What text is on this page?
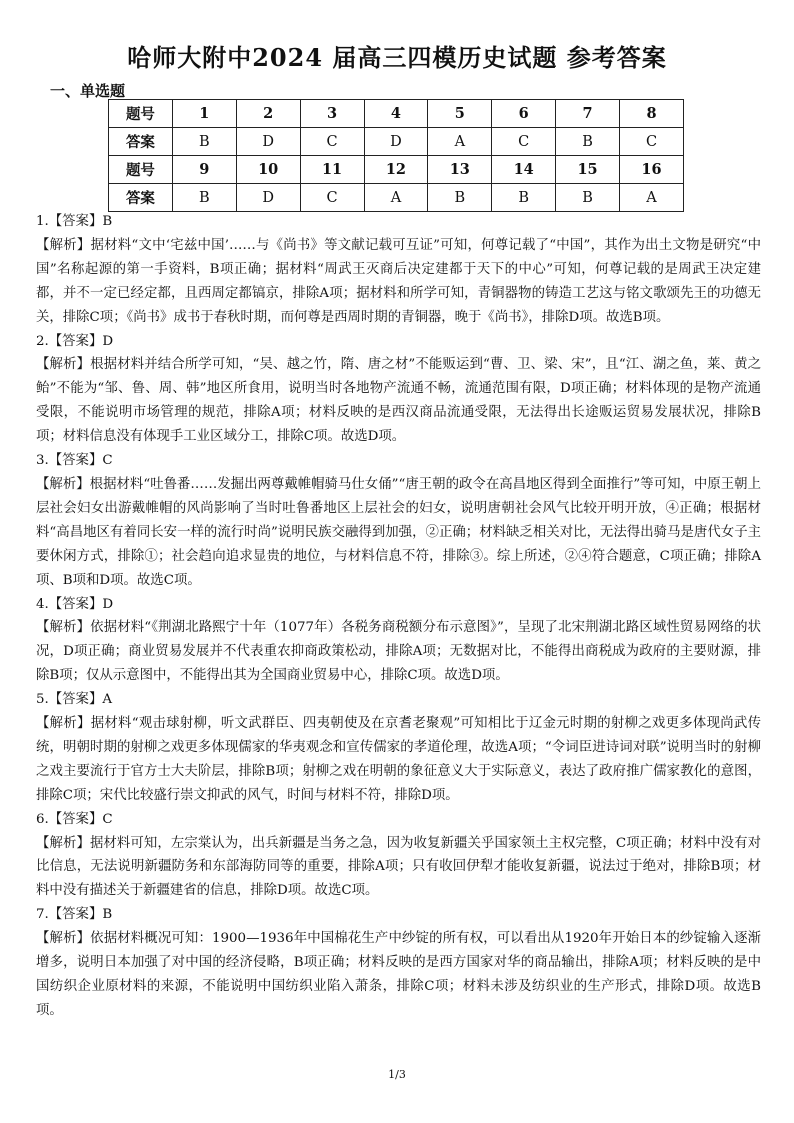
哈师大附中2024 届高三四模历史试题 参考答案
一、单选题
题号	1	2	3	4	5	6	7	8
答案	B	D	C	D	A	C	B	C
题号	9	10	11	12	13	14	15	16
答案	B	D	C	A	B	B	B	A

1.【答案】B

【解析】据材料“文中‘宅兹中国’……与《尚书》等文献记载可互证”可知，何尊记载了“中国”，其作为出土文物是研究“中国”名称起源的第一手资料，B项正确；据材料“周武王灭商后决定建都于天下的中心”可知，何尊记载的是周武王决定建都，并不一定已经定都，且西周定都镐京，排除A项；据材料和所学可知，青铜器物的铸造工艺这与铭文歌颂先王的功德无关，排除C项；《尚书》成书于春秋时期，而何尊是西周时期的青铜器，晚于《尚书》，排除D项。故选B项。

2.【答案】D

【解析】根据材料并结合所学可知，“吴、越之竹，隋、唐之材”不能贩运到“曹、卫、梁、宋”，且“江、湖之鱼，莱、黄之鲐”不能为“邹、鲁、周、韩”地区所食用，说明当时各地物产流通不畅，流通范围有限，D项正确；材料体现的是物产流通受限，不能说明市场管理的规范，排除A项；材料反映的是西汉商品流通受限，无法得出长途贩运贸易发展状况，排除B项；材料信息没有体现手工业区域分工，排除C项。故选D项。

3.【答案】C

【解析】根据材料“吐鲁番……发掘出两尊戴帷帽骑马仕女俑”“唐王朝的政令在高昌地区得到全面推行”等可知，中原王朝上层社会妇女出游戴帷帽的风尚影响了当时吐鲁番地区上层社会的妇女，说明唐朝社会风气比较开明开放，④正确；根据材料“高昌地区有着同长安一样的流行时尚”说明民族交融得到加强，②正确；材料缺乏相关对比，无法得出骑马是唐代女子主要休闲方式，排除①；社会趋向追求显贵的地位，与材料信息不符，排除③。综上所述，②④符合题意，C项正确；排除A项、B项和D项。故选C项。

4.【答案】D

【解析】依据材料“《荆湖北路熙宁十年（1077年）各税务商税额分布示意图》”，呈现了北宋荆湖北路区域性贸易网络的状况，D项正确；商业贸易发展并不代表重农抑商政策松动，排除A项；无数据对比，不能得出商税成为政府的主要财源，排除B项；仅从示意图中，不能得出其为全国商业贸易中心，排除C项。故选D项。

5.【答案】A

【解析】据材料“观击球射柳，听文武群臣、四夷朝使及在京耆老聚观”可知相比于辽金元时期的射柳之戏更多体现尚武传统，明朝时期的射柳之戏更多体现儒家的华夷观念和宣传儒家的孝道伦理，故选A项；“令词臣进诗词对联”说明当时的射柳之戏主要流行于官方士大夫阶层，排除B项；射柳之戏在明朝的象征意义大于实际意义，表达了政府推广儒家教化的意图，排除C项；宋代比较盛行崇文抑武的风气，时间与材料不符，排除D项。

6.【答案】C

【解析】据材料可知，左宗棠认为，出兵新疆是当务之急，因为收复新疆关乎国家领土主权完整，C项正确；材料中没有对比信息，无法说明新疆防务和东部海防同等的重要，排除A项；只有收回伊犁才能收复新疆，说法过于绝对，排除B项；材料中没有描述关于新疆建省的信息，排除D项。故选C项。

7.【答案】B

【解析】依据材料概况可知：1900—1936年中国棉花生产中纱锭的所有权，可以看出从1920年开始日本的纱锭输入逐渐增多，说明日本加强了对中国的经济侵略，B项正确；材料反映的是西方国家对华的商品输出，排除A项；材料反映的是中国纺织企业原材料的来源，不能说明中国纺织业陷入萧条，排除C项；材料未涉及纺织业的生产形式，排除D项。故选B项。

1/3
